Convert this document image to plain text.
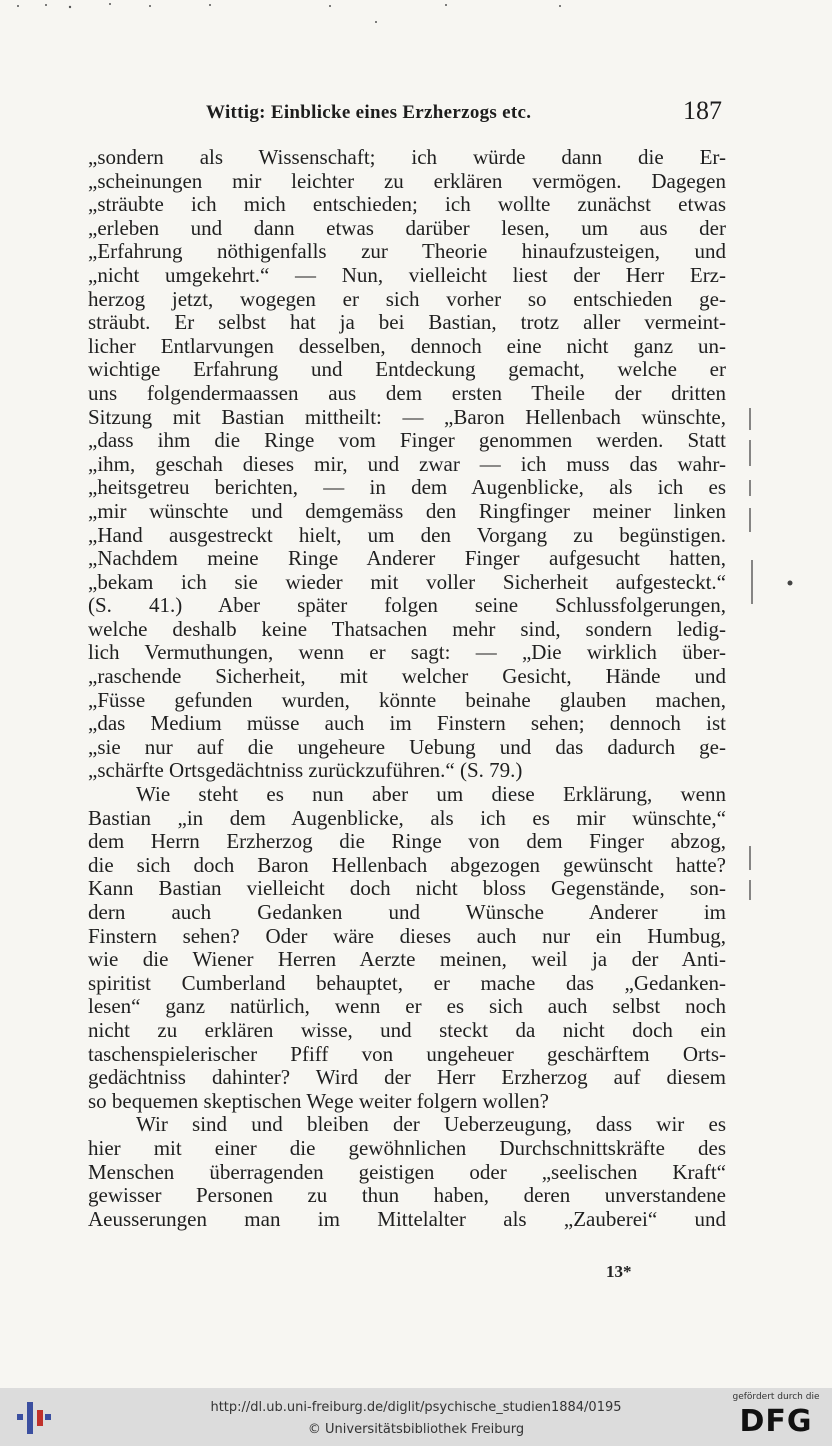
Wittig: Einblicke eines Erzherzogs etc.	187
„sondern als Wissenschaft; ich würde dann die Er-
„scheinungen mir leichter zu erklären vermögen. Dagegen
„sträubte ich mich entschieden; ich wollte zunächst etwas
„erleben und dann etwas darüber lesen, um aus der
„Erfahrung nöthigenfalls zur Theorie hinaufzusteigen, und
„nicht umgekehrt.“ — Nun, vielleicht liest der Herr Erz-
herzog jetzt, wogegen er sich vorher so entschieden ge-
sträubt. Er selbst hat ja bei Bastian, trotz aller vermeint-
licher Entlarvungen desselben, dennoch eine nicht ganz un-
wichtige Erfahrung und Entdeckung gemacht, welche er
uns folgendermaassen aus dem ersten Theile der dritten
Sitzung mit Bastian mittheilt: — „Baron Hellenbach wünschte,
„dass ihm die Ringe vom Finger genommen werden. Statt
„ihm, geschah dieses mir, und zwar — ich muss das wahr-
„heitsgetreu berichten, — in dem Augenblicke, als ich es
„mir wünschte und demgemäss den Ringfinger meiner linken
„Hand ausgestreckt hielt, um den Vorgang zu begünstigen.
„Nachdem meine Ringe Anderer Finger aufgesucht hatten,
„bekam ich sie wieder mit voller Sicherheit aufgesteckt.“
(S. 41.) Aber später folgen seine Schlussfolgerungen,
welche deshalb keine Thatsachen mehr sind, sondern ledig-
lich Vermuthungen, wenn er sagt: — „Die wirklich über-
„raschende Sicherheit, mit welcher Gesicht, Hände und
„Füsse gefunden wurden, könnte beinahe glauben machen,
„das Medium müsse auch im Finstern sehen; dennoch ist
„sie nur auf die ungeheure Uebung und das dadurch ge-
„schärfte Ortsgedächtniss zurückzuführen.“ (S. 79.)
Wie steht es nun aber um diese Erklärung, wenn
Bastian „in dem Augenblicke, als ich es mir wünschte,“
dem Herrn Erzherzog die Ringe von dem Finger abzog,
die sich doch Baron Hellenbach abgezogen gewünscht hatte?
Kann Bastian vielleicht doch nicht bloss Gegenstände, son-
dern auch Gedanken und Wünsche Anderer im
Finstern sehen? Oder wäre dieses auch nur ein Humbug,
wie die Wiener Herren Aerzte meinen, weil ja der Anti-
spiritist Cumberland behauptet, er mache das „Gedanken-
lesen“ ganz natürlich, wenn er es sich auch selbst noch
nicht zu erklären wisse, und steckt da nicht doch ein
taschenspielerischer Pfiff von ungeheuer geschärftem Orts-
gedächtniss dahinter? Wird der Herr Erzherzog auf diesem
so bequemen skeptischen Wege weiter folgern wollen?
Wir sind und bleiben der Ueberzeugung, dass wir es
hier mit einer die gewöhnlichen Durchschnittskräfte des
Menschen überragenden geistigen oder „seelischen Kraft“
gewisser Personen zu thun haben, deren unverstandene
Aeusserungen man im Mittelalter als „Zauberei“ und
13*
http://dl.ub.uni-freiburg.de/diglit/psychische_studien1884/0195
© Universitätsbibliothek Freiburg
gefördert durch die
DFG
